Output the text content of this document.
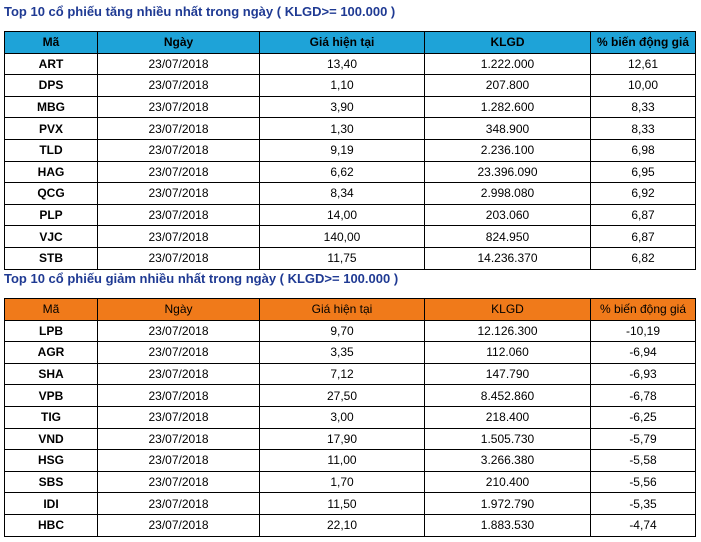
Top 10 cổ phiếu tăng nhiều nhất trong ngày ( KLGD>= 100.000 )
Mã	Ngày	Giá hiện tại	KLGD	% biến động giá
ART	23/07/2018	13,40	1.222.000	12,61
DPS	23/07/2018	1,10	207.800	10,00
MBG	23/07/2018	3,90	1.282.600	8,33
PVX	23/07/2018	1,30	348.900	8,33
TLD	23/07/2018	9,19	2.236.100	6,98
HAG	23/07/2018	6,62	23.396.090	6,95
QCG	23/07/2018	8,34	2.998.080	6,92
PLP	23/07/2018	14,00	203.060	6,87
VJC	23/07/2018	140,00	824.950	6,87
STB	23/07/2018	11,75	14.236.370	6,82
Top 10 cổ phiếu giảm nhiều nhất trong ngày ( KLGD>= 100.000 )
Mã	Ngày	Giá hiện tại	KLGD	% biến động giá
LPB	23/07/2018	9,70	12.126.300	-10,19
AGR	23/07/2018	3,35	112.060	-6,94
SHA	23/07/2018	7,12	147.790	-6,93
VPB	23/07/2018	27,50	8.452.860	-6,78
TIG	23/07/2018	3,00	218.400	-6,25
VND	23/07/2018	17,90	1.505.730	-5,79
HSG	23/07/2018	11,00	3.266.380	-5,58
SBS	23/07/2018	1,70	210.400	-5,56
IDI	23/07/2018	11,50	1.972.790	-5,35
HBC	23/07/2018	22,10	1.883.530	-4,74
